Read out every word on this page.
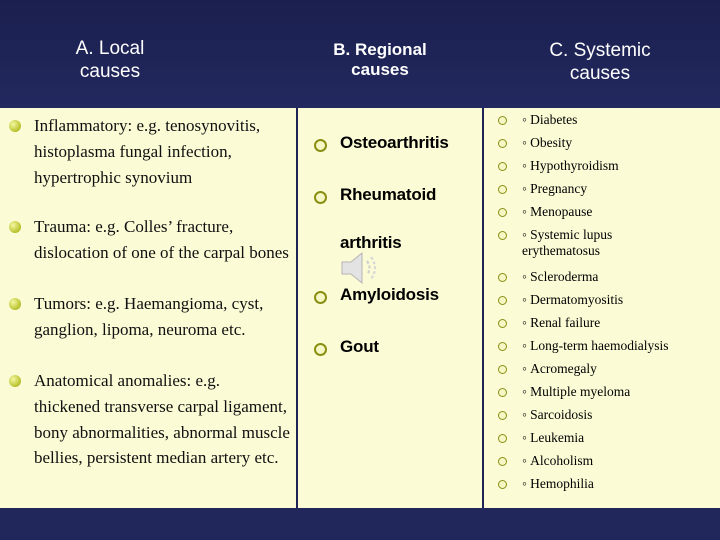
A. Local
causes
B. Regional
causes
C. Systemic
causes
Inflammatory: e.g. tenosynovitis, histoplasma fungal infection, hypertrophic synovium
Trauma: e.g. Colles’ fracture, dislocation of one of the carpal bones
Tumors: e.g. Haemangioma, cyst, ganglion, lipoma, neuroma etc.
Anatomical anomalies: e.g. thickened transverse carpal ligament, bony abnormalities, abnormal muscle bellies, persistent median artery etc.
Osteoarthritis
Rheumatoid
arthritis
Amyloidosis
Gout
◦ Diabetes
◦ Obesity
◦ Hypothyroidism
◦ Pregnancy
◦ Menopause
◦ Systemic lupus
erythematosus
◦ Scleroderma
◦ Dermatomyositis
◦ Renal failure
◦ Long-term haemodialysis
◦ Acromegaly
◦ Multiple myeloma
◦ Sarcoidosis
◦ Leukemia
◦ Alcoholism
◦ Hemophilia
